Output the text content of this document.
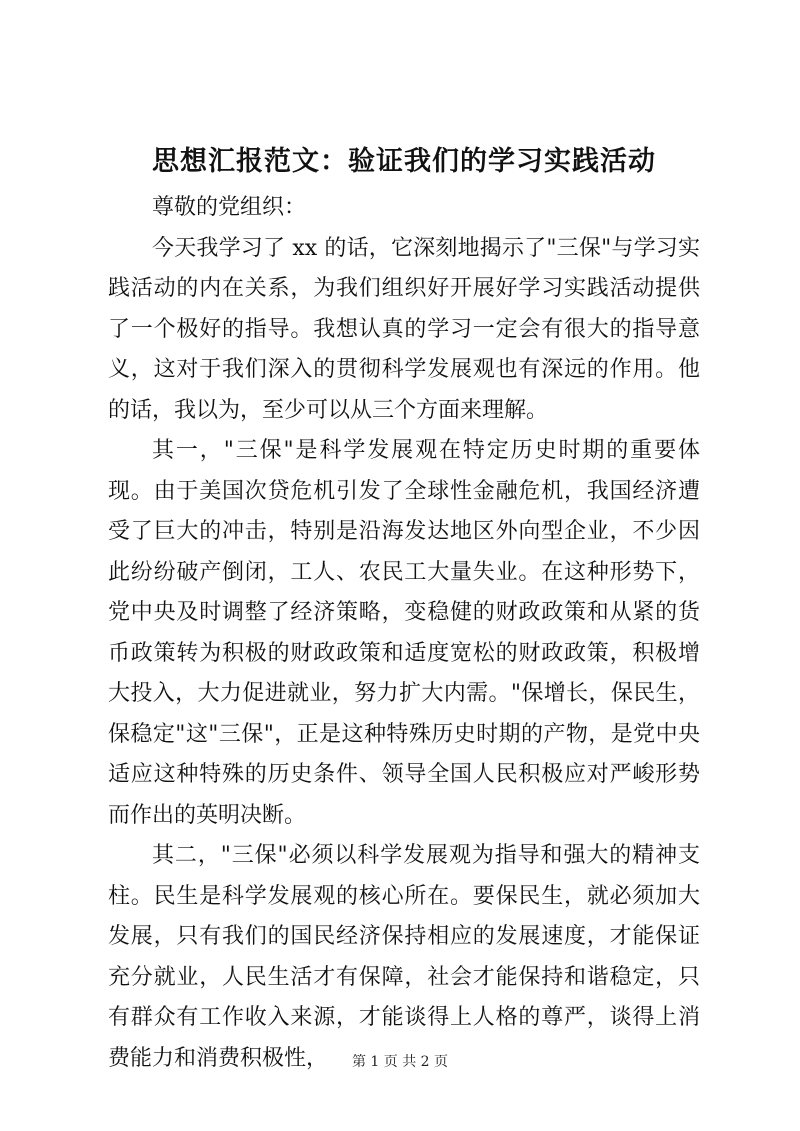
思想汇报范文：验证我们的学习实践活动

尊敬的党组织：

今天我学习了 xx 的话，它深刻地揭示了"三保"与学习实践活动的内在关系，为我们组织好开展好学习实践活动提供了一个极好的指导。我想认真的学习一定会有很大的指导意义，这对于我们深入的贯彻科学发展观也有深远的作用。他的话，我以为，至少可以从三个方面来理解。

其一，"三保"是科学发展观在特定历史时期的重要体现。由于美国次贷危机引发了全球性金融危机，我国经济遭受了巨大的冲击，特别是沿海发达地区外向型企业，不少因此纷纷破产倒闭，工人、农民工大量失业。在这种形势下，党中央及时调整了经济策略，变稳健的财政政策和从紧的货币政策转为积极的财政政策和适度宽松的财政政策，积极增大投入，大力促进就业，努力扩大内需。"保增长，保民生，保稳定"这"三保"，正是这种特殊历史时期的产物，是党中央适应这种特殊的历史条件、领导全国人民积极应对严峻形势而作出的英明决断。

其二，"三保"必须以科学发展观为指导和强大的精神支柱。民生是科学发展观的核心所在。要保民生，就必须加大发展，只有我们的国民经济保持相应的发展速度，才能保证充分就业，人民生活才有保障，社会才能保持和谐稳定，只有群众有工作收入来源，才能谈得上人格的尊严，谈得上消费能力和消费积极性，	第 1 页 共 2 页
